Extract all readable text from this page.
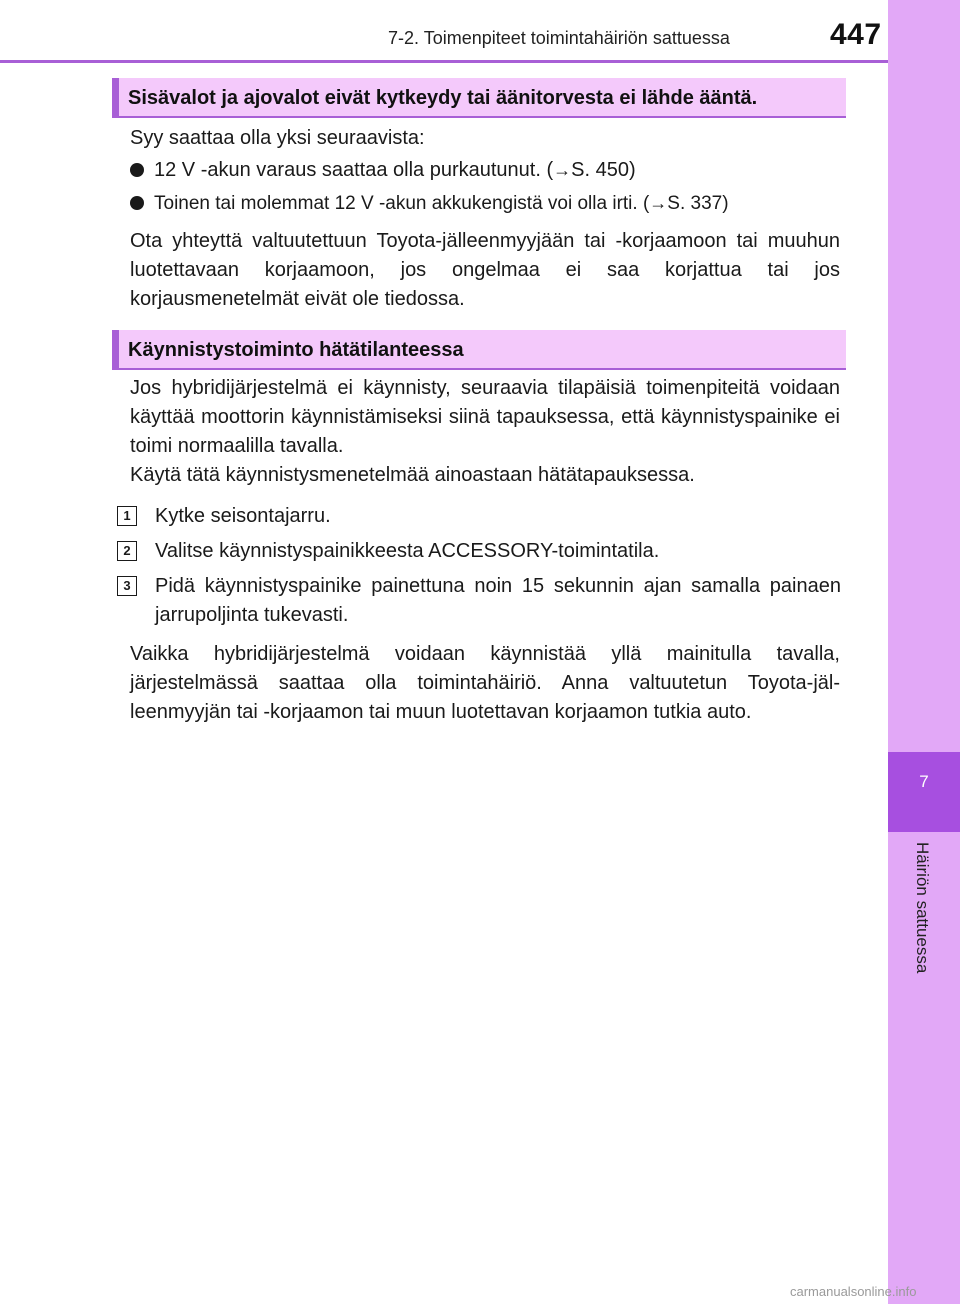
7-2. Toimenpiteet toimintahäiriön sattuessa	447
7
Häiriön sattuessa
Sisävalot ja ajovalot eivät kytkeydy tai äänitorvesta ei lähde ääntä.
Syy saattaa olla yksi seuraavista:
12 V -akun varaus saattaa olla purkautunut. (→S. 450)
Toinen tai molemmat 12 V -akun akkukengistä voi olla irti. (→S. 337)
Ota yhteyttä valtuutettuun Toyota-jälleenmyyjään tai -korjaamoon tai muuhun luotettavaan korjaamoon, jos ongelmaa ei saa korjattua tai jos korjausmenetelmät eivät ole tiedossa.
Käynnistystoiminto hätätilanteessa
Jos hybridijärjestelmä ei käynnisty, seuraavia tilapäisiä toimenpiteitä voidaan käyttää moottorin käynnistämiseksi siinä tapauksessa, että käynnistyspainike ei toimi normaalilla tavalla.
Käytä tätä käynnistysmenetelmää ainoastaan hätätapauksessa.
1	Kytke seisontajarru.
2	Valitse käynnistyspainikkeesta ACCESSORY-toimintatila.
3	Pidä käynnistyspainike painettuna noin 15 sekunnin ajan samalla painaen jarrupoljinta tukevasti.
Vaikka hybridijärjestelmä voidaan käynnistää yllä mainitulla tavalla, järjestelmässä saattaa olla toimintahäiriö. Anna valtuutetun Toyota-jäl-leenmyyjän tai -korjaamon tai muun luotettavan korjaamon tutkia auto.
carmanualsonline.info
